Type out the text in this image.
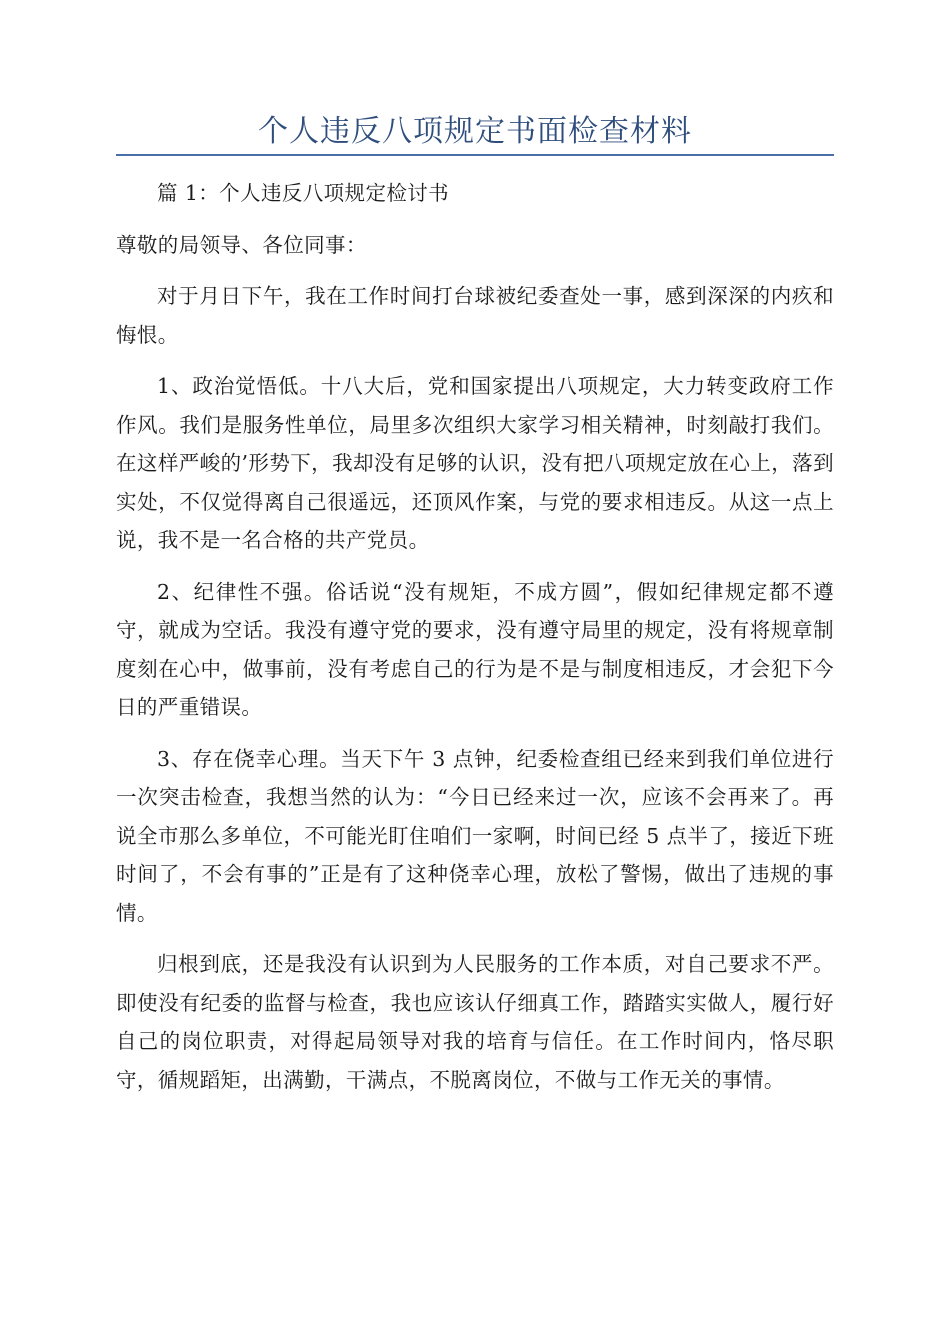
个人违反八项规定书面检查材料

篇 1：个人违反八项规定检讨书

尊敬的局领导、各位同事：

对于月日下午，我在工作时间打台球被纪委查处一事，感到深深的内疚和悔恨。

1、政治觉悟低。十八大后，党和国家提出八项规定，大力转变政府工作作风。我们是服务性单位，局里多次组织大家学习相关精神，时刻敲打我们。在这样严峻的’形势下，我却没有足够的认识，没有把八项规定放在心上，落到实处，不仅觉得离自己很遥远，还顶风作案，与党的要求相违反。从这一点上说，我不是一名合格的共产党员。

2、纪律性不强。俗话说“没有规矩，不成方圆”，假如纪律规定都不遵守，就成为空话。我没有遵守党的要求，没有遵守局里的规定，没有将规章制度刻在心中，做事前，没有考虑自己的行为是不是与制度相违反，才会犯下今日的严重错误。

3、存在侥幸心理。当天下午 3 点钟，纪委检查组已经来到我们单位进行一次突击检查，我想当然的认为：“今日已经来过一次，应该不会再来了。再说全市那么多单位，不可能光盯住咱们一家啊，时间已经 5 点半了，接近下班时间了，不会有事的”正是有了这种侥幸心理，放松了警惕，做出了违规的事情。

归根到底，还是我没有认识到为人民服务的工作本质，对自己要求不严。即使没有纪委的监督与检查，我也应该认仔细真工作，踏踏实实做人，履行好自己的岗位职责，对得起局领导对我的培育与信任。在工作时间内，恪尽职守，循规蹈矩，出满勤，干满点，不脱离岗位，不做与工作无关的事情。
